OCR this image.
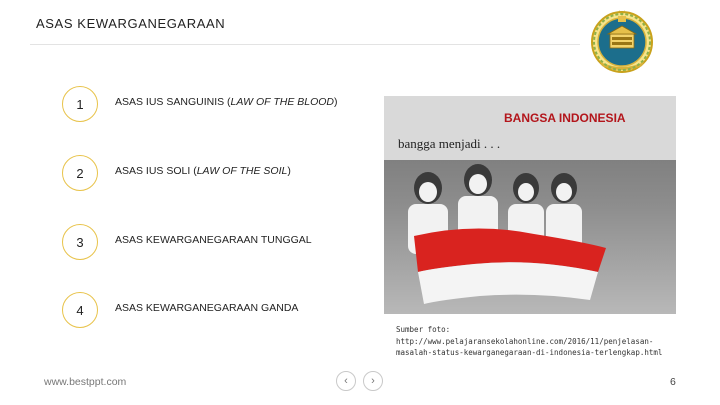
ASAS KEWARGANEGARAAN
1	ASAS IUS SANGUINIS (LAW OF THE BLOOD)
2	ASAS IUS SOLI (LAW OF THE SOIL)
3	ASAS KEWARGANEGARAAN TUNGGAL
4	ASAS KEWARGANEGARAAN GANDA
BANGSA INDONESIA
bangga menjadi . . .
Sumber foto:
http://www.pelajaransekolahonline.com/2016/11/penjelasan-
masalah-status-kewarganegaraan-di-indonesia-terlengkap.html
www.bestppt.com	‹ ›	6
